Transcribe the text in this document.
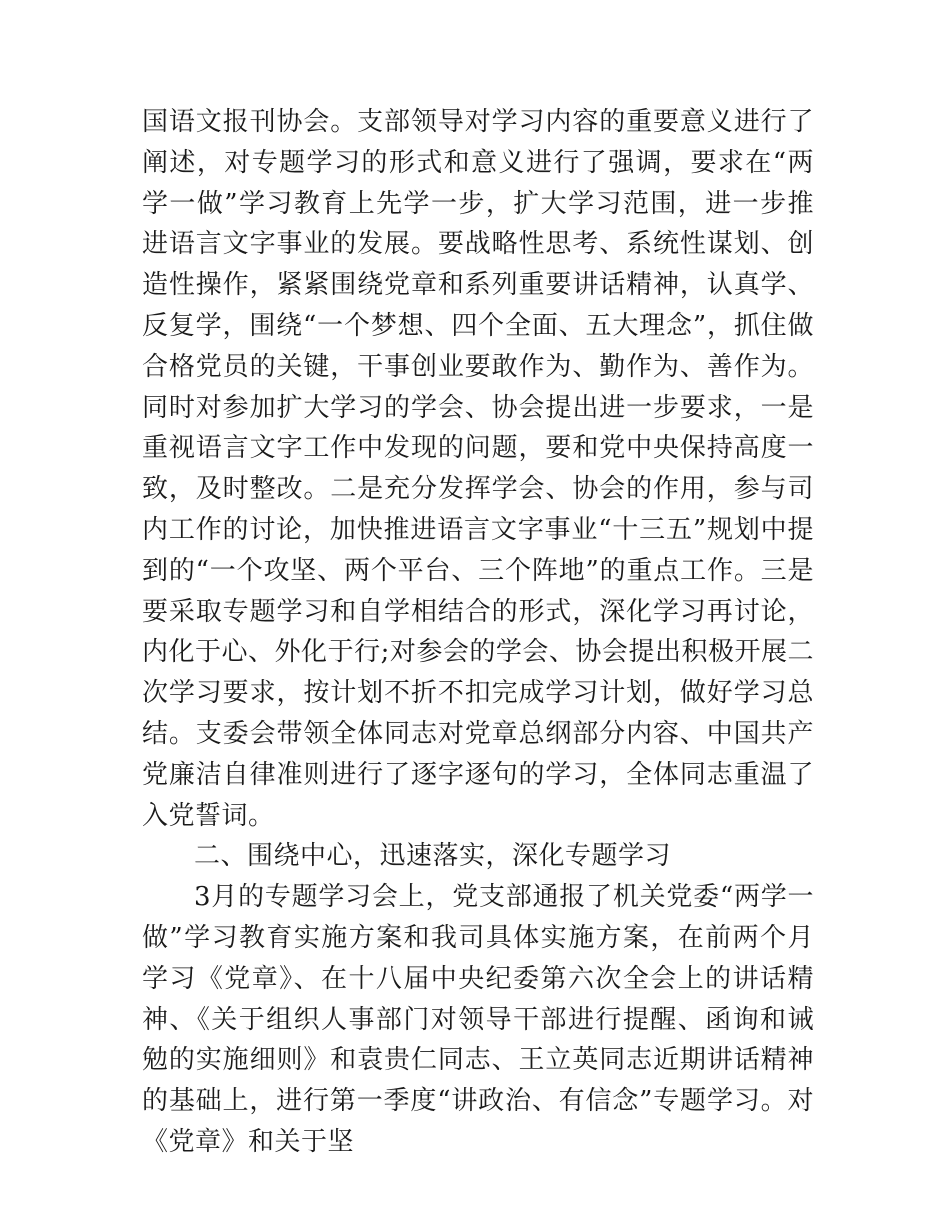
国语文报刊协会。支部领导对学习内容的重要意义进行了阐述，对专题学习的形式和意义进行了强调，要求在“两学一做”学习教育上先学一步，扩大学习范围，进一步推进语言文字事业的发展。要战略性思考、系统性谋划、创造性操作，紧紧围绕党章和系列重要讲话精神，认真学、反复学，围绕“一个梦想、四个全面、五大理念”，抓住做合格党员的关键，干事创业要敢作为、勤作为、善作为。同时对参加扩大学习的学会、协会提出进一步要求，一是重视语言文字工作中发现的问题，要和党中央保持高度一致，及时整改。二是充分发挥学会、协会的作用，参与司内工作的讨论，加快推进语言文字事业“十三五”规划中提到的“一个攻坚、两个平台、三个阵地”的重点工作。三是要采取专题学习和自学相结合的形式，深化学习再讨论，内化于心、外化于行;对参会的学会、协会提出积极开展二次学习要求，按计划不折不扣完成学习计划，做好学习总结。支委会带领全体同志对党章总纲部分内容、中国共产党廉洁自律准则进行了逐字逐句的学习，全体同志重温了入党誓词。

二、围绕中心，迅速落实，深化专题学习

3月的专题学习会上，党支部通报了机关党委“两学一做”学习教育实施方案和我司具体实施方案，在前两个月学习《党章》、在十八届中央纪委第六次全会上的讲话精神、《关于组织人事部门对领导干部进行提醒、函询和诫勉的实施细则》和袁贵仁同志、王立英同志近期讲话精神的基础上，进行第一季度“讲政治、有信念”专题学习。对《党章》和关于坚
